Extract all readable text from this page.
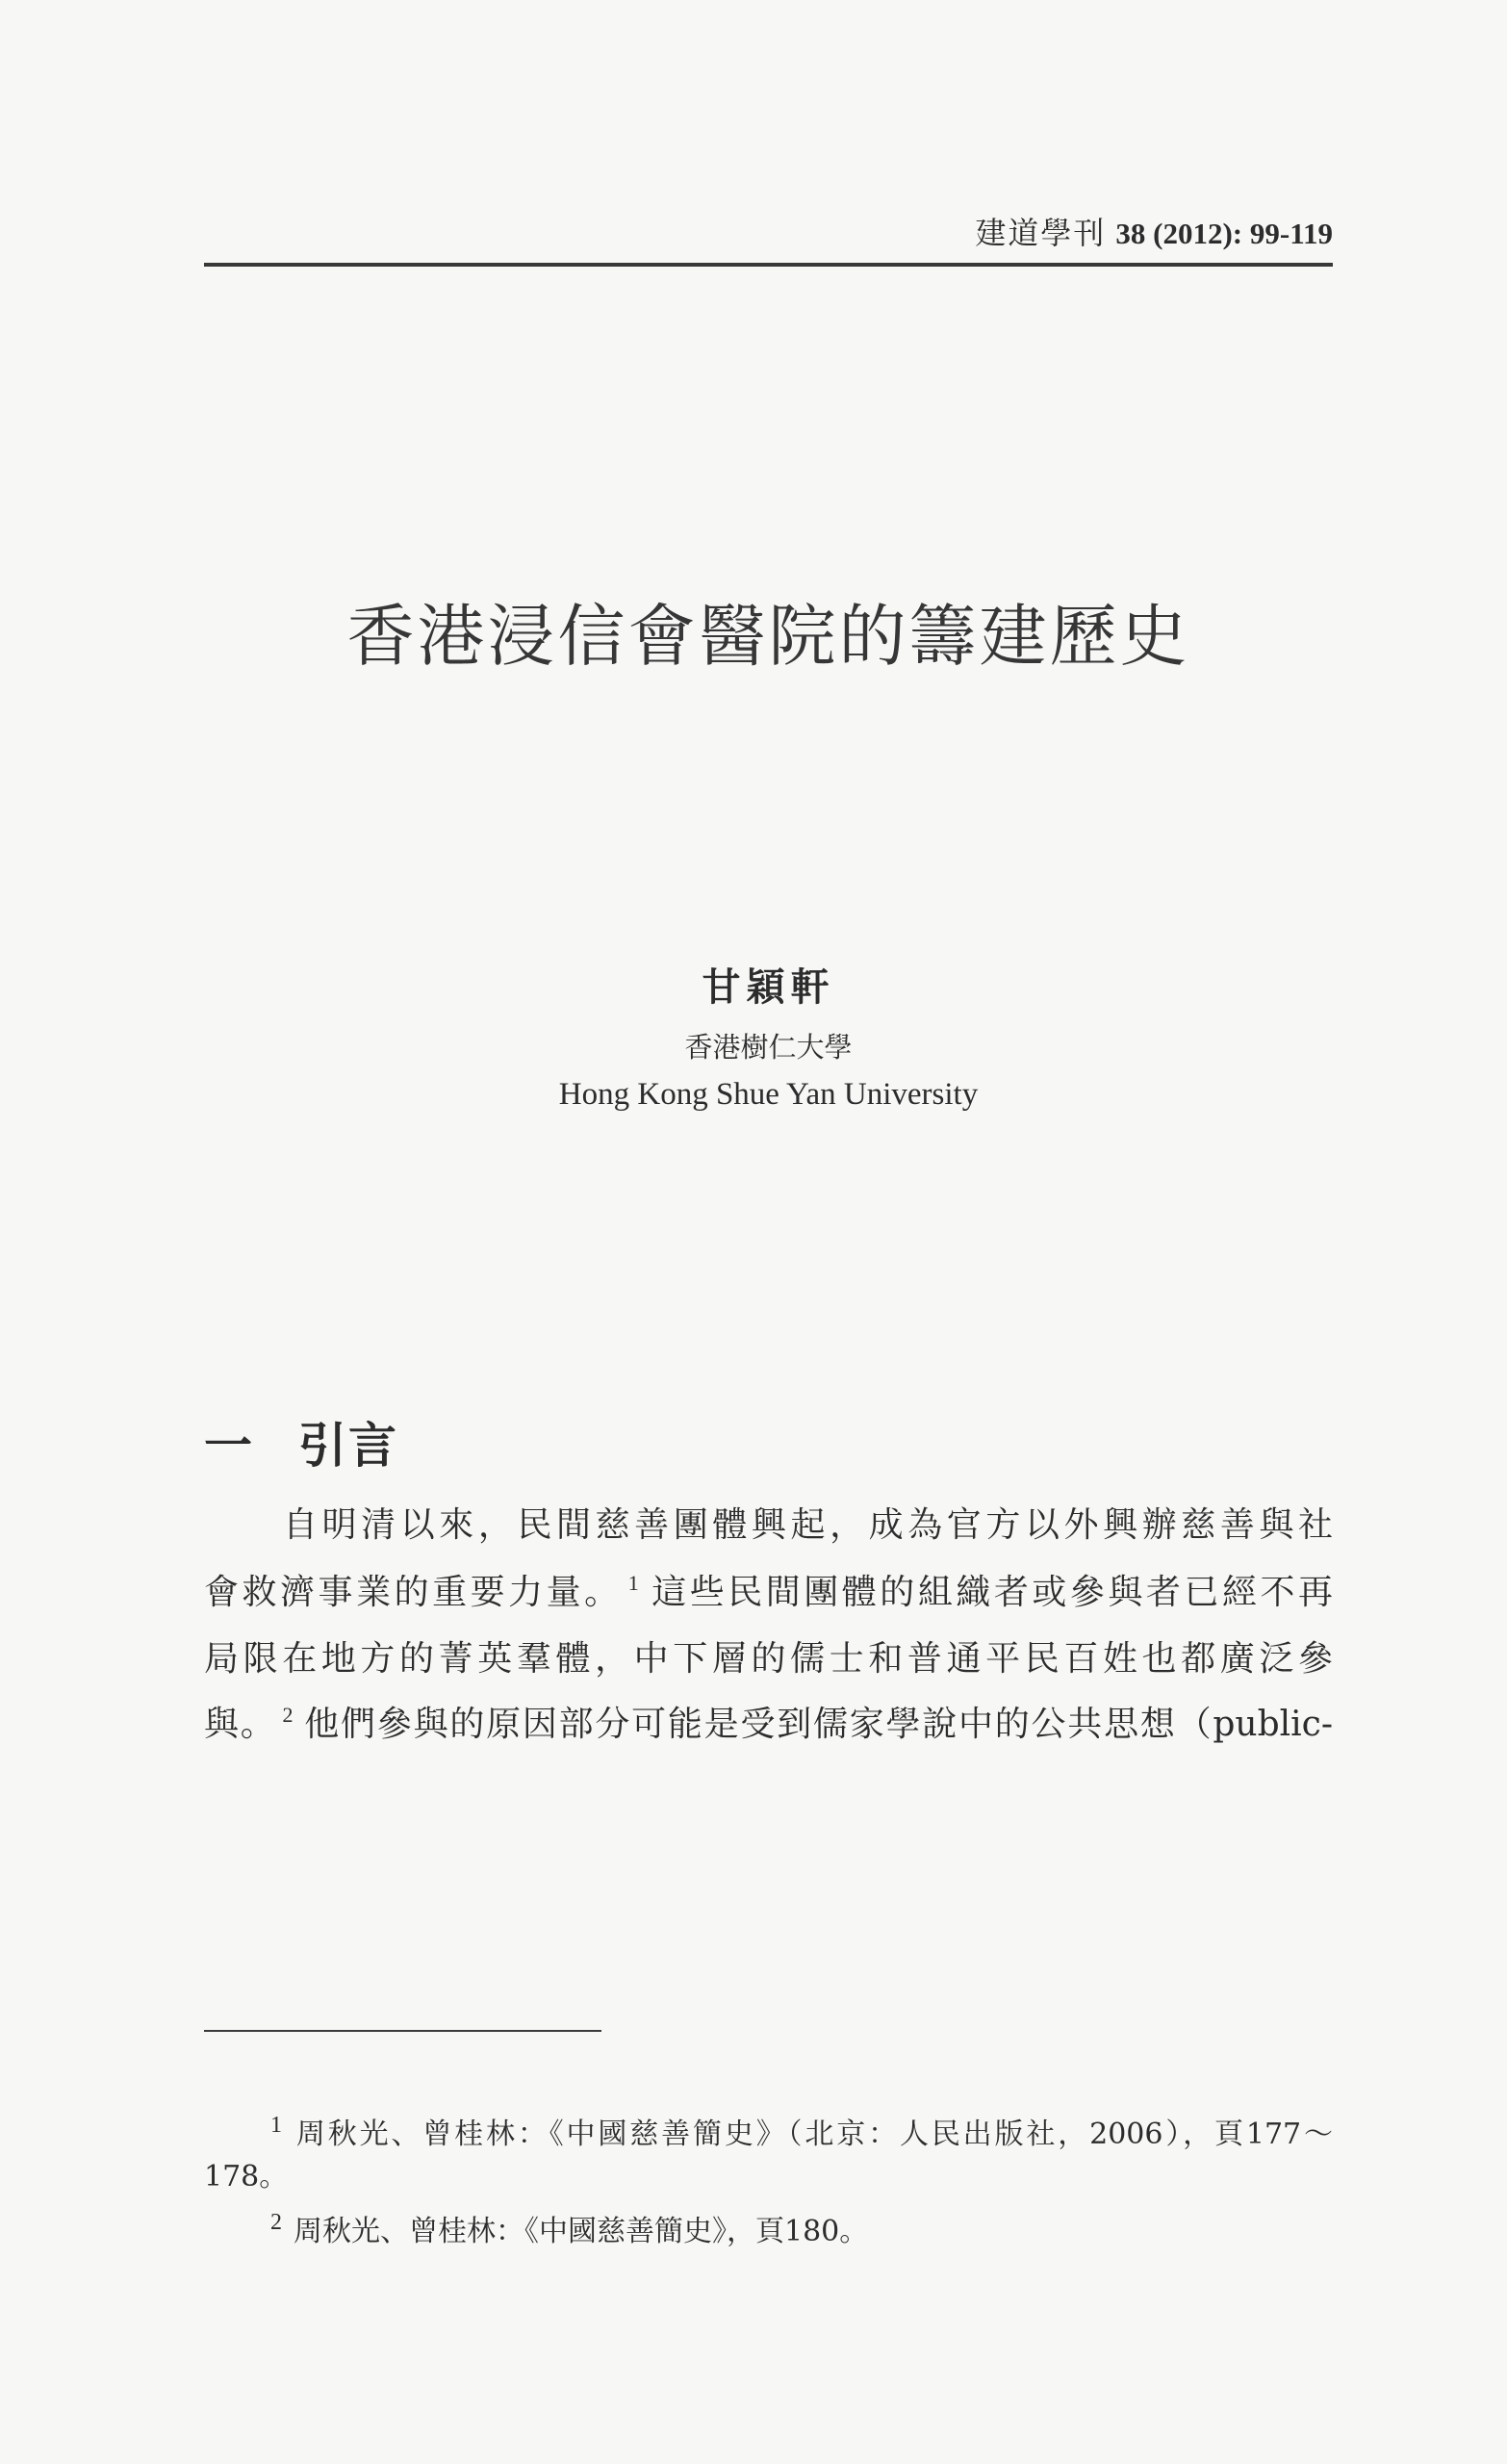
建道學刊 38 (2012): 99-119
香港浸信會醫院的籌建歷史
甘穎軒
香港樹仁大學
Hong Kong Shue Yan University
一 引言
自明清以來，民間慈善團體興起，成為官方以外興辦慈善與社
會救濟事業的重要力量。 $^1$ 這些民間團體的組織者或參與者已經不再
局限在地方的菁英羣體，中下層的儒士和普通平民百姓也都廣泛參
與。 $^2$ 他們參與的原因部分可能是受到儒家學說中的公共思想（public-
$^1$ 周秋光、曾桂林：《中國慈善簡史》（北京：人民出版社，2006），頁177～
178。
$^2$ 周秋光、曾桂林：《中國慈善簡史》，頁180。
